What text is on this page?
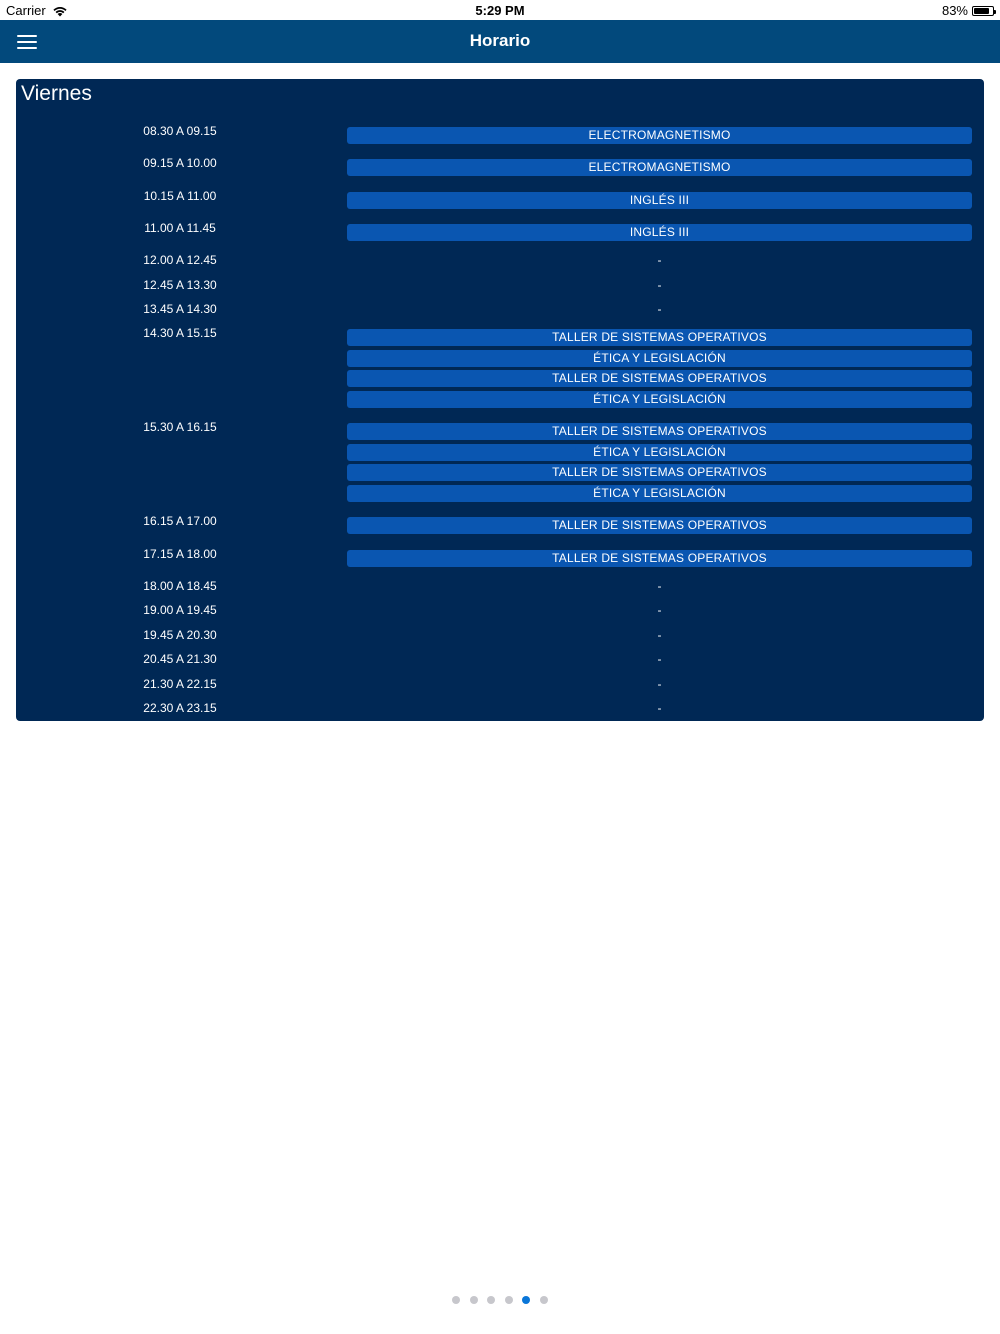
Carrier	5:29 PM	83%
Horario
Viernes
08.30 A 09.15	ELECTROMAGNETISMO
09.15 A 10.00	ELECTROMAGNETISMO
10.15 A 11.00	INGLÉS III
11.00 A 11.45	INGLÉS III
12.00 A 12.45	-
12.45 A 13.30	-
13.45 A 14.30	-
14.30 A 15.15	TALLER DE SISTEMAS OPERATIVOS
ÉTICA Y LEGISLACIÓN
TALLER DE SISTEMAS OPERATIVOS
ÉTICA Y LEGISLACIÓN
15.30 A 16.15	TALLER DE SISTEMAS OPERATIVOS
ÉTICA Y LEGISLACIÓN
TALLER DE SISTEMAS OPERATIVOS
ÉTICA Y LEGISLACIÓN
16.15 A 17.00	TALLER DE SISTEMAS OPERATIVOS
17.15 A 18.00	TALLER DE SISTEMAS OPERATIVOS
18.00 A 18.45	-
19.00 A 19.45	-
19.45 A 20.30	-
20.45 A 21.30	-
21.30 A 22.15	-
22.30 A 23.15	-
